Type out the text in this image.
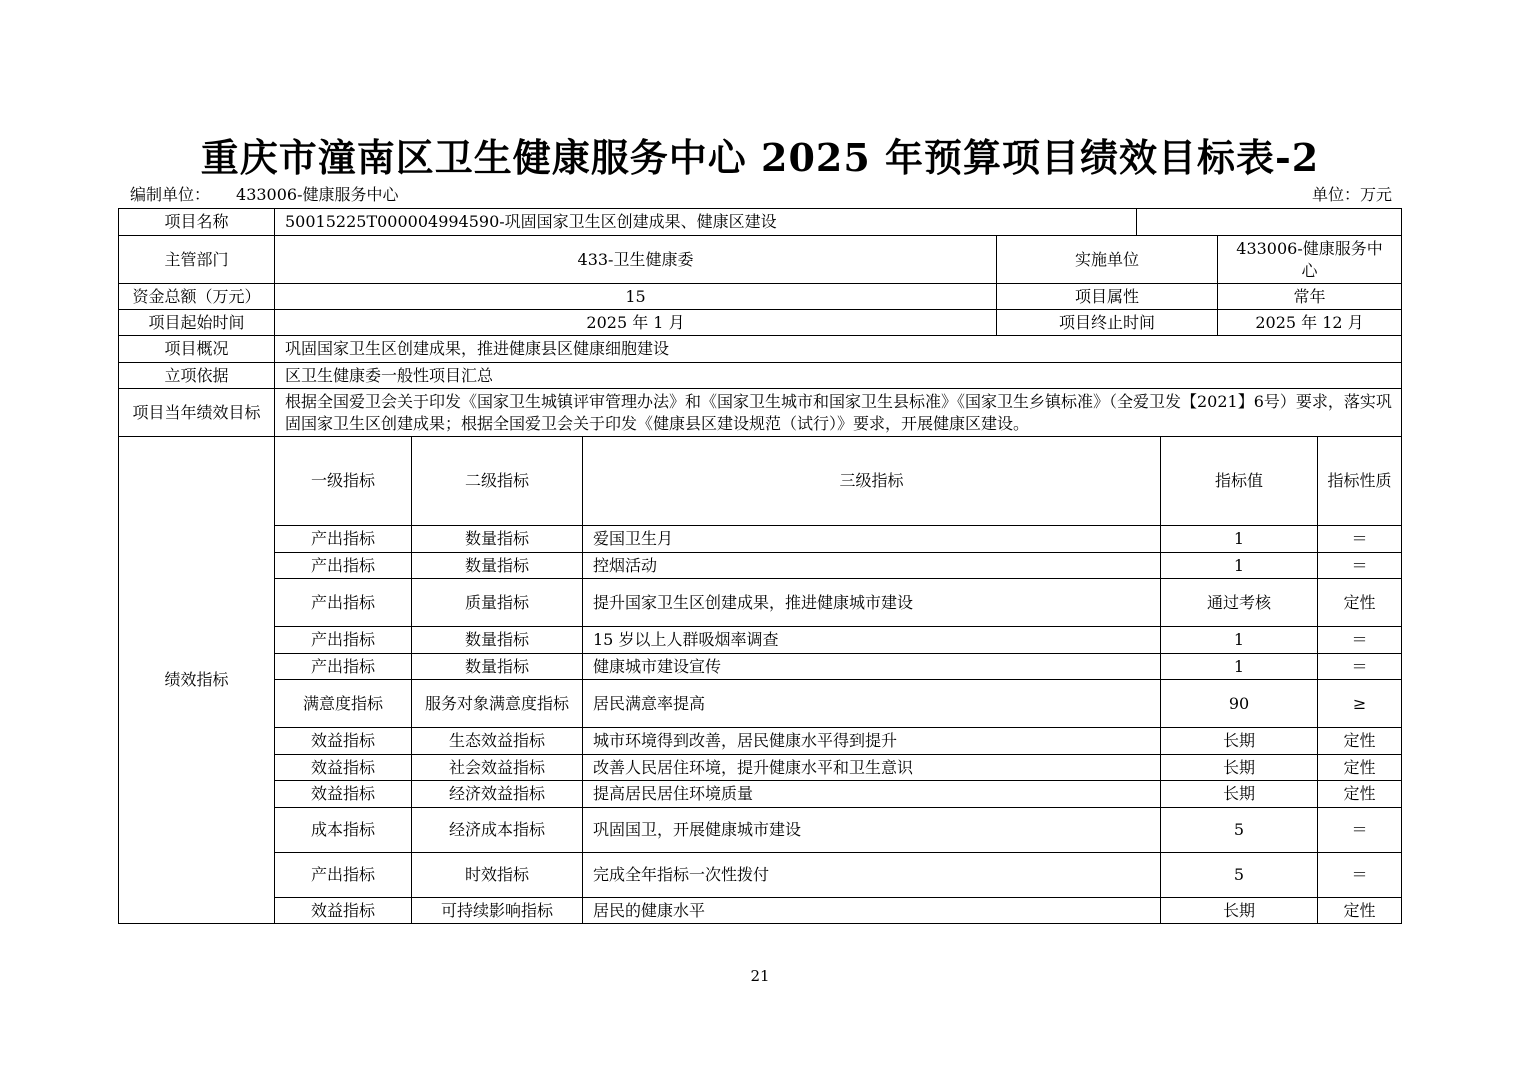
重庆市潼南区卫生健康服务中心 2025 年预算项目绩效目标表-2
编制单位： 433006-健康服务中心	单位：万元
项目名称	50015225T000004994590-巩固国家卫生区创建成果、健康区建设								
主管部门	433-卫生健康委			实施单位			433006-健康服务中心		
资金总额（万元）	15			项目属性			常年		
项目起始时间	2025 年 1 月			项目终止时间			2025 年 12 月		
项目概况	巩固国家卫生区创建成果，推进健康县区健康细胞建设								
立项依据	区卫生健康委一般性项目汇总								
项目当年绩效目标	根据全国爱卫会关于印发《国家卫生城镇评审管理办法》和《国家卫生城市和国家卫生县标准》《国家卫生乡镇标准》（全爱卫发【2021】6号）要求，落实巩固国家卫生区创建成果；根据全国爱卫会关于印发《健康县区建设规范（试行）》要求，开展健康区建设。								
绩效指标	一级指标	二级指标	三级指标			指标值		指标性质	
	产出指标	数量指标	爱国卫生月			1		＝	
	产出指标	数量指标	控烟活动			1		＝	
	产出指标	质量指标	提升国家卫生区创建成果，推进健康城市建设			通过考核		定性	
	产出指标	数量指标	15 岁以上人群吸烟率调查			1		＝	
	产出指标	数量指标	健康城市建设宣传			1		＝	
	满意度指标	服务对象满意度指标	居民满意率提高			90		≥	
	效益指标	生态效益指标	城市环境得到改善，居民健康水平得到提升			长期		定性	
	效益指标	社会效益指标	改善人民居住环境，提升健康水平和卫生意识			长期		定性	
	效益指标	经济效益指标	提高居民居住环境质量			长期		定性	
	成本指标	经济成本指标	巩固国卫，开展健康城市建设			5		＝	
	产出指标	时效指标	完成全年指标一次性拨付			5		＝	
	效益指标	可持续影响指标	居民的健康水平			长期		定性	
21
